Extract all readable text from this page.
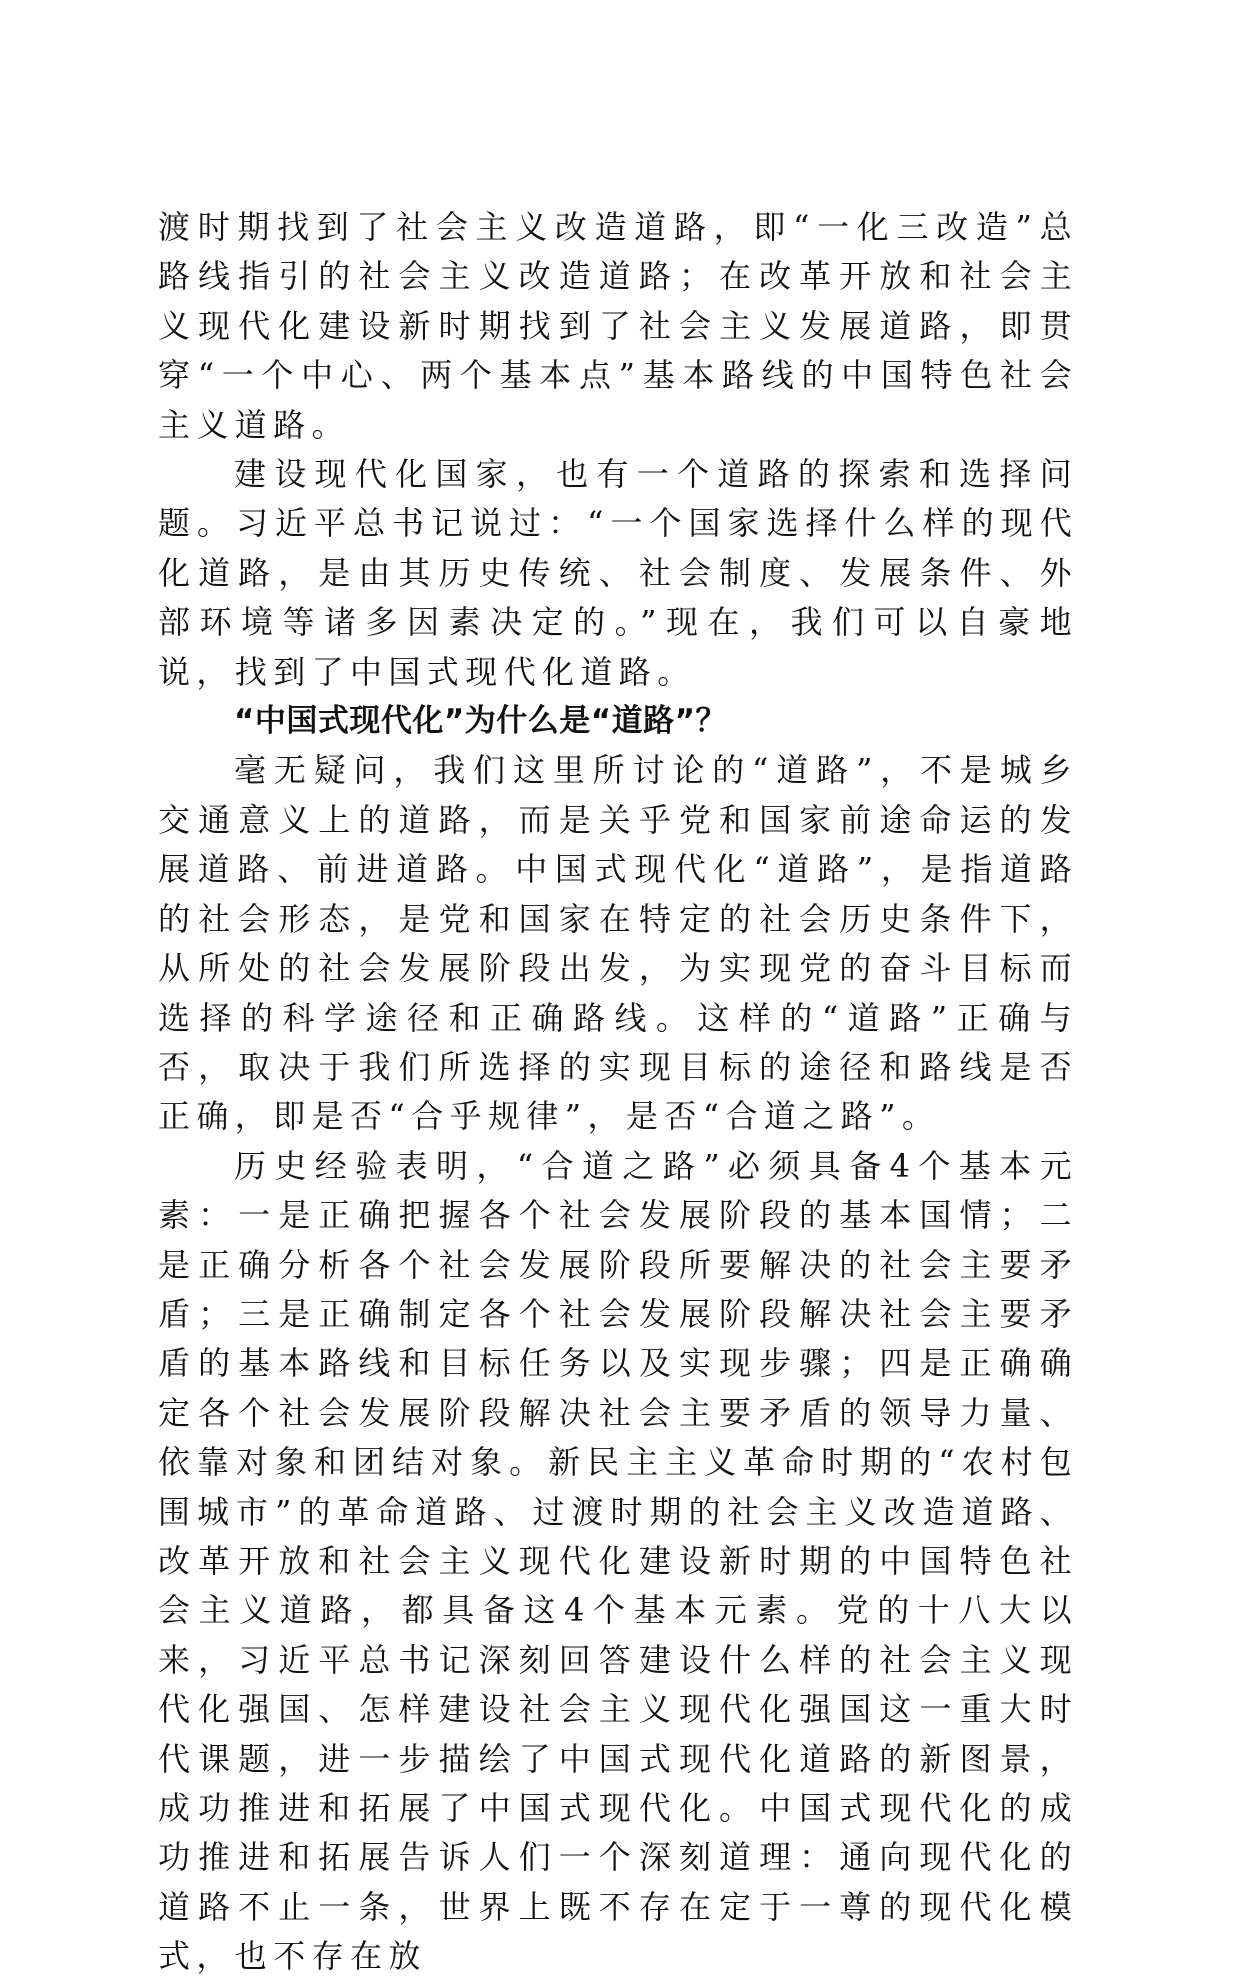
渡时期找到了社会主义改造道路，即“一化三改造”总路线指引的社会主义改造道路；在改革开放和社会主义现代化建设新时期找到了社会主义发展道路，即贯穿“一个中心、两个基本点”基本路线的中国特色社会主义道路。

建设现代化国家，也有一个道路的探索和选择问题。习近平总书记说过：“一个国家选择什么样的现代化道路，是由其历史传统、社会制度、发展条件、外部环境等诸多因素决定的。”现在，我们可以自豪地说，找到了中国式现代化道路。

“中国式现代化”为什么是“道路”？

毫无疑问，我们这里所讨论的“道路”，不是城乡交通意义上的道路，而是关乎党和国家前途命运的发展道路、前进道路。中国式现代化“道路”，是指道路的社会形态，是党和国家在特定的社会历史条件下，从所处的社会发展阶段出发，为实现党的奋斗目标而选择的科学途径和正确路线。这样的“道路”正确与否，取决于我们所选择的实现目标的途径和路线是否正确，即是否“合乎规律”，是否“合道之路”。

历史经验表明，“合道之路”必须具备4个基本元素：一是正确把握各个社会发展阶段的基本国情；二是正确分析各个社会发展阶段所要解决的社会主要矛盾；三是正确制定各个社会发展阶段解决社会主要矛盾的基本路线和目标任务以及实现步骤；四是正确确定各个社会发展阶段解决社会主要矛盾的领导力量、依靠对象和团结对象。新民主主义革命时期的“农村包围城市”的革命道路、过渡时期的社会主义改造道路、改革开放和社会主义现代化建设新时期的中国特色社会主义道路，都具备这4个基本元素。党的十八大以来，习近平总书记深刻回答建设什么样的社会主义现代化强国、怎样建设社会主义现代化强国这一重大时代课题，进一步描绘了中国式现代化道路的新图景，成功推进和拓展了中国式现代化。中国式现代化的成功推进和拓展告诉人们一个深刻道理：通向现代化的道路不止一条，世界上既不存在定于一尊的现代化模式，也不存在放
